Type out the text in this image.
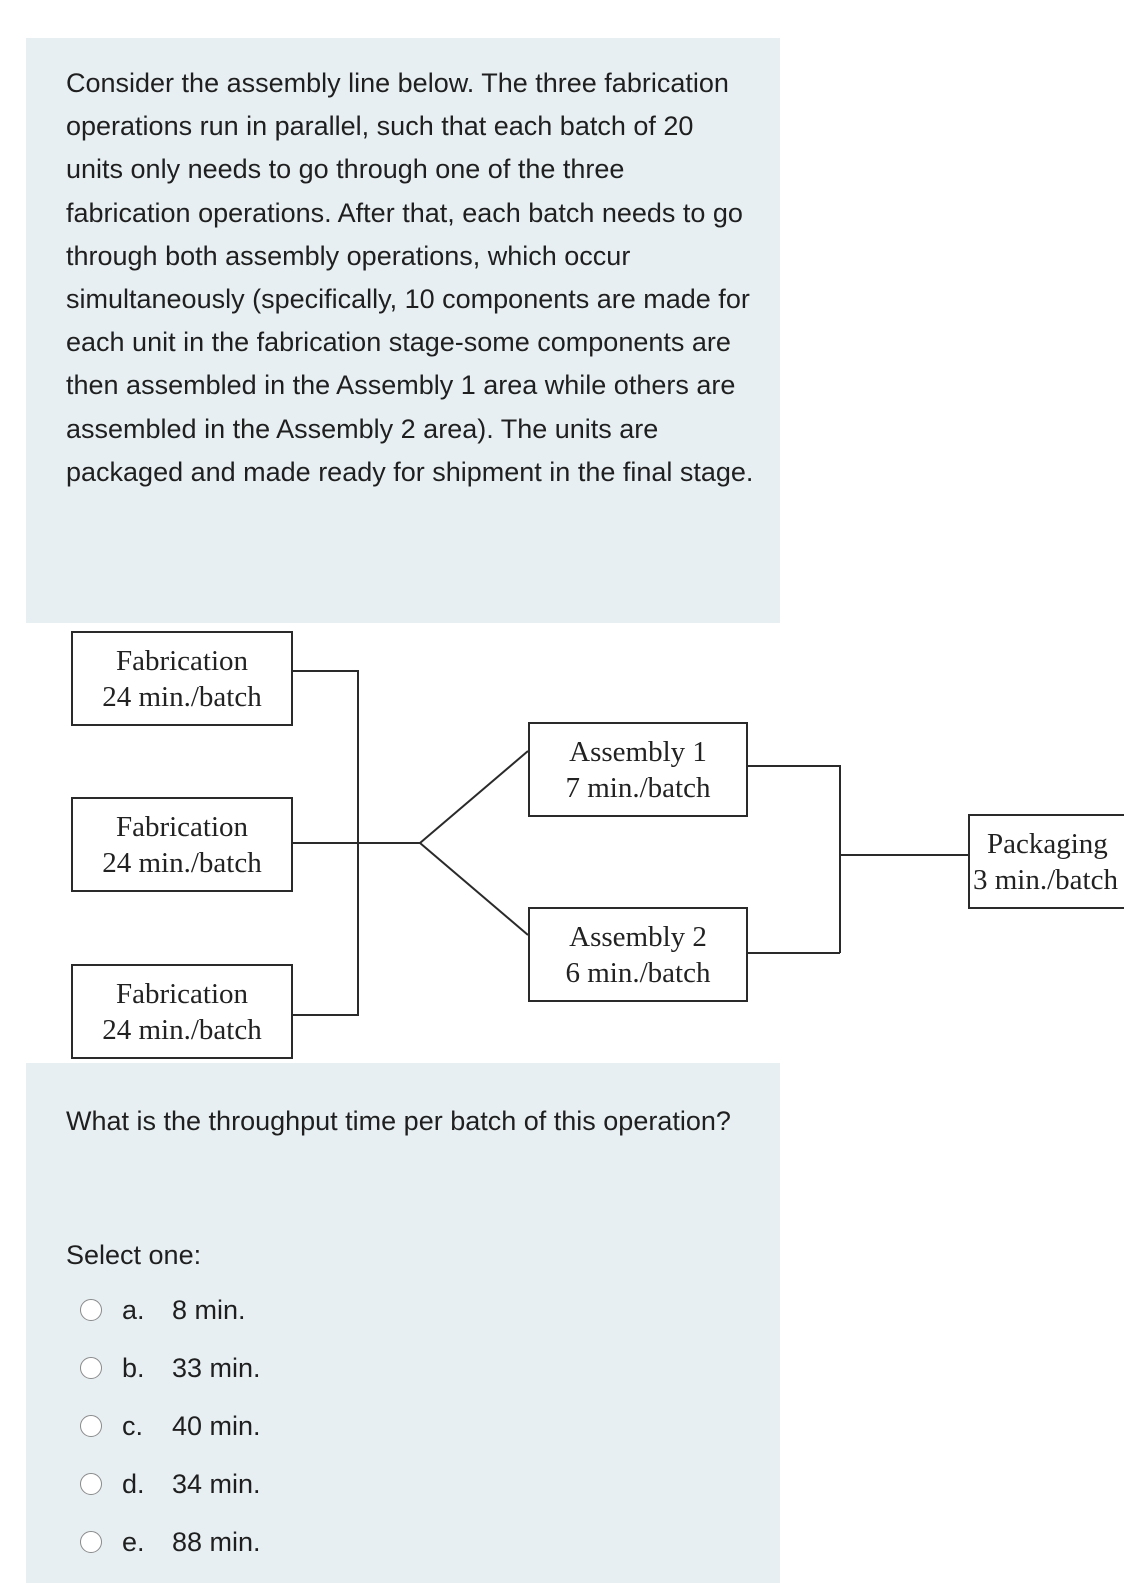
Consider the assembly line below. The three fabrication operations run in parallel, such that each batch of 20 units only needs to go through one of the three fabrication operations. After that, each batch needs to go through both assembly operations, which occur simultaneously (specifically, 10 components are made for each unit in the fabrication stage-some components are then assembled in the Assembly 1 area while others are assembled in the Assembly 2 area). The units are packaged and made ready for shipment in the final stage.

Fabrication
24 min./batch
Fabrication
24 min./batch
Fabrication
24 min./batch
Assembly 1
7 min./batch
Assembly 2
6 min./batch
Packaging
3 min./batch

What is the throughput time per batch of this operation?

Select one:
a.	8 min.
b.	33 min.
c.	40 min.
d.	34 min.
e.	88 min.
